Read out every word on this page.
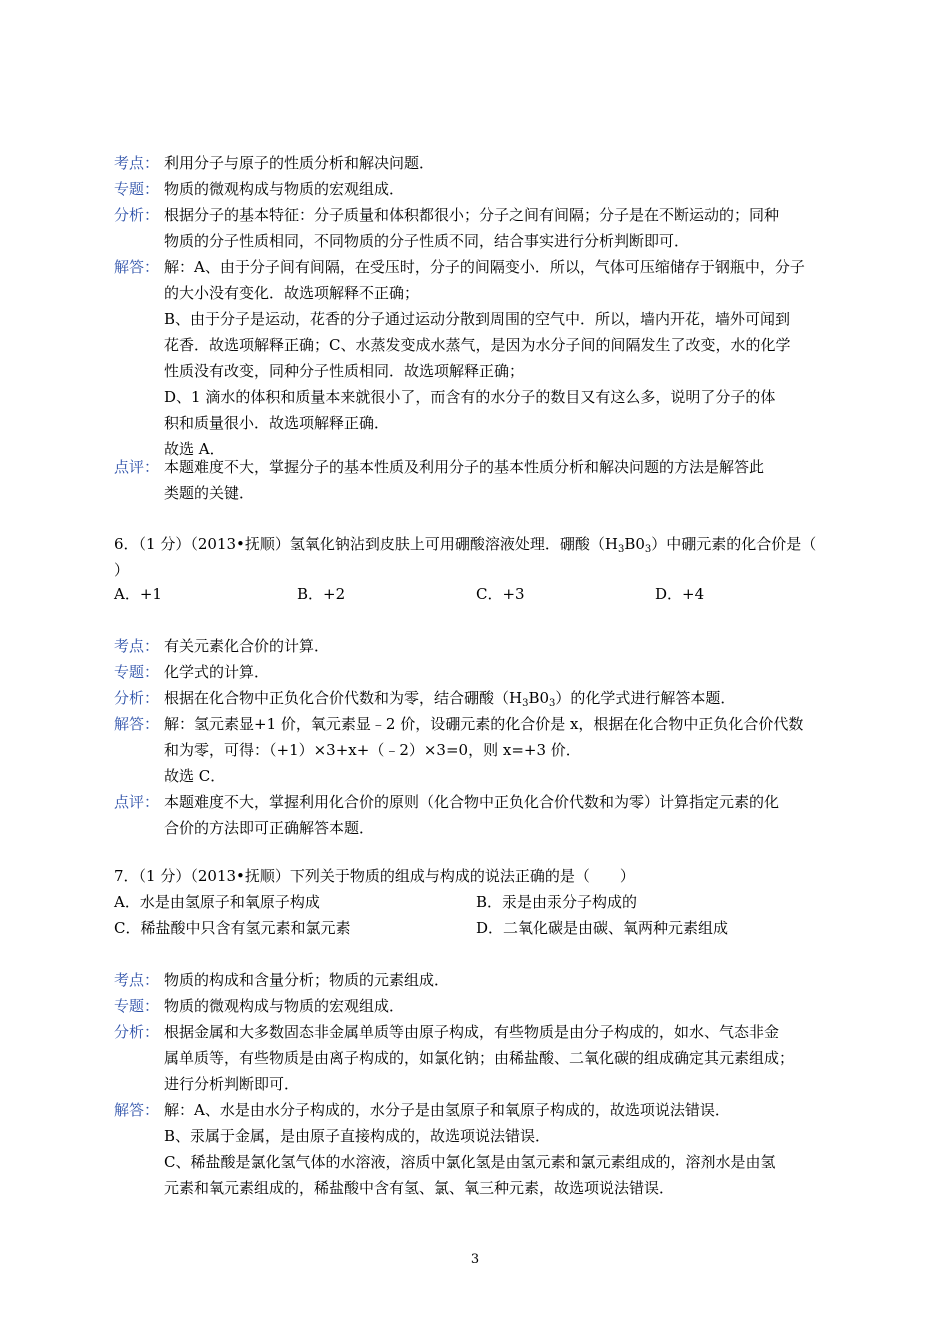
考点： 利用分子与原子的性质分析和解决问题．
专题： 物质的微观构成与物质的宏观组成．
分析： 根据分子的基本特征：分子质量和体积都很小；分子之间有间隔；分子是在不断运动的；同种
物质的分子性质相同，不同物质的分子性质不同，结合事实进行分析判断即可．
解答： 解：A、由于分子间有间隔，在受压时，分子的间隔变小．所以，气体可压缩储存于钢瓶中，分子
的大小没有变化．故选项解释不正确；
B、由于分子是运动，花香的分子通过运动分散到周围的空气中．所以，墙内开花，墙外可闻到
花香．故选项解释正确；C、水蒸发变成水蒸气，是因为水分子间的间隔发生了改变，水的化学
性质没有改变，同种分子性质相同．故选项解释正确；
D、1 滴水的体积和质量本来就很小了，而含有的水分子的数目又有这么多，说明了分子的体
积和质量很小．故选项解释正确．
故选 A．
点评： 本题难度不大，掌握分子的基本性质及利用分子的基本性质分析和解决问题的方法是解答此
类题的关键．
6．（1 分）（2013•抚顺）氢氧化钠沾到皮肤上可用硼酸溶液处理．硼酸$(H_3B0_3)$中硼元素的化合价是（
）
A．+1	B．+2	C．+3	D．+4
考点： 有关元素化合价的计算．
专题： 化学式的计算．
分析： 根据在化合物中正负化合价代数和为零，结合硼酸$(H_3B0_3)$的化学式进行解答本题．
解答： 解：氢元素显+1 价，氧元素显﹣2 价，设硼元素的化合价是 x，根据在化合物中正负化合价代数
和为零，可得：（+1）×3+x+（﹣2）×3=0，则 x=+3 价．
故选 C．
点评： 本题难度不大，掌握利用化合价的原则（化合物中正负化合价代数和为零）计算指定元素的化
合价的方法即可正确解答本题．
7．（1 分）（2013•抚顺）下列关于物质的组成与构成的说法正确的是（　　）
A．水是由氢原子和氧原子构成	B．汞是由汞分子构成的
C．稀盐酸中只含有氢元素和氯元素	D．二氧化碳是由碳、氧两种元素组成
考点： 物质的构成和含量分析；物质的元素组成．
专题： 物质的微观构成与物质的宏观组成．
分析： 根据金属和大多数固态非金属单质等由原子构成，有些物质是由分子构成的，如水、气态非金
属单质等，有些物质是由离子构成的，如氯化钠；由稀盐酸、二氧化碳的组成确定其元素组成；
进行分析判断即可．
解答： 解：A、水是由水分子构成的，水分子是由氢原子和氧原子构成的，故选项说法错误．
B、汞属于金属，是由原子直接构成的，故选项说法错误．
C、稀盐酸是氯化氢气体的水溶液，溶质中氯化氢是由氢元素和氯元素组成的，溶剂水是由氢
元素和氧元素组成的，稀盐酸中含有氢、氯、氧三种元素，故选项说法错误．
3
